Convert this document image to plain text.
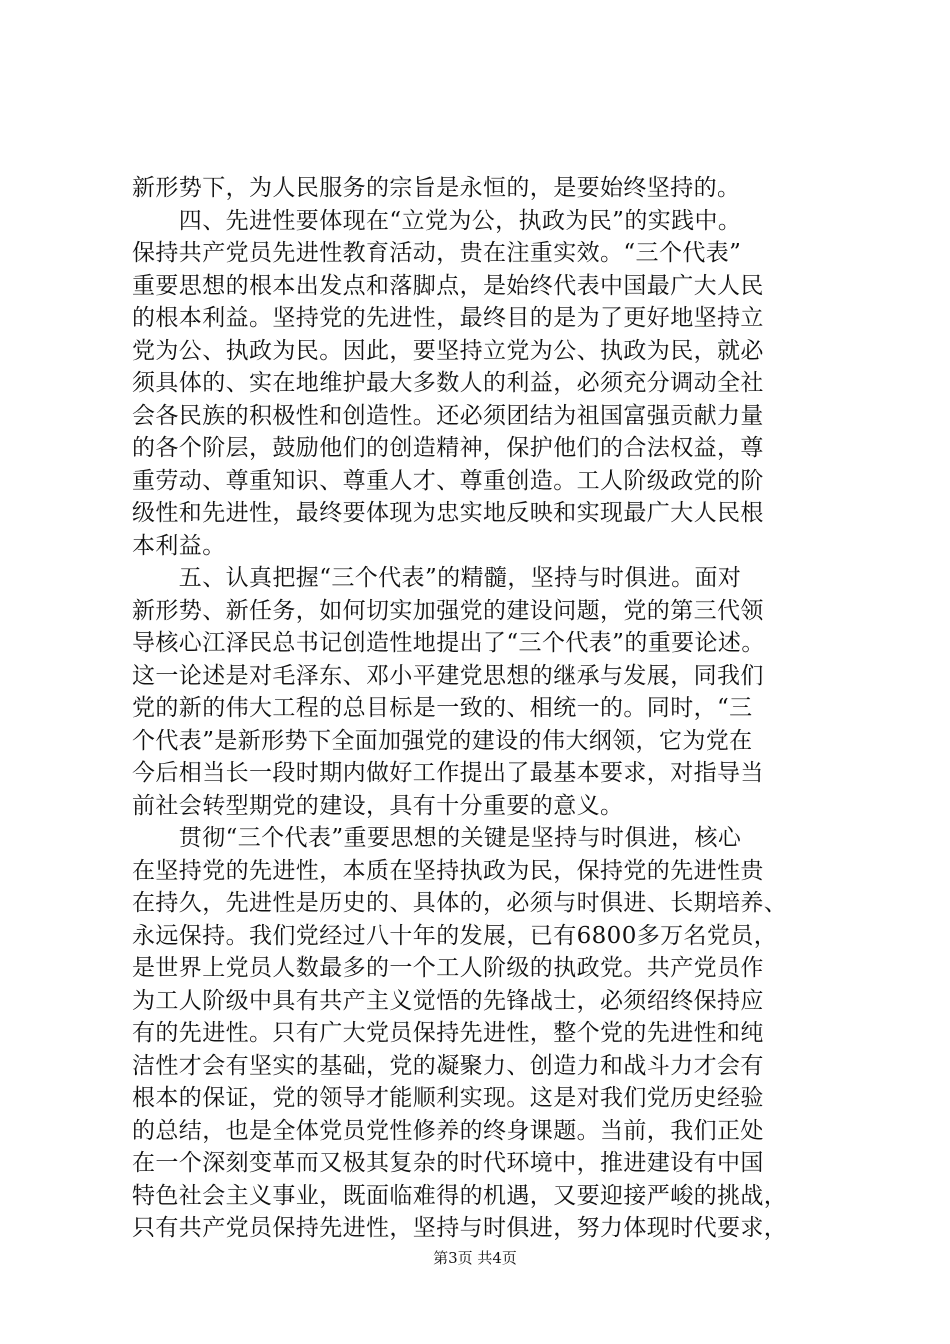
新形势下，为人民服务的宗旨是永恒的，是要始终坚持的。
　　四、先进性要体现在“立党为公，执政为民”的实践中。
保持共产党员先进性教育活动，贵在注重实效。“三个代表”
重要思想的根本出发点和落脚点，是始终代表中国最广大人民
的根本利益。坚持党的先进性，最终目的是为了更好地坚持立
党为公、执政为民。因此，要坚持立党为公、执政为民，就必
须具体的、实在地维护最大多数人的利益，必须充分调动全社
会各民族的积极性和创造性。还必须团结为祖国富强贡献力量
的各个阶层，鼓励他们的创造精神，保护他们的合法权益，尊
重劳动、尊重知识、尊重人才、尊重创造。工人阶级政党的阶
级性和先进性，最终要体现为忠实地反映和实现最广大人民根
本利益。
　　五、认真把握“三个代表”的精髓，坚持与时俱进。面对
新形势、新任务，如何切实加强党的建设问题，党的第三代领
导核心江泽民总书记创造性地提出了“三个代表”的重要论述。
这一论述是对毛泽东、邓小平建党思想的继承与发展，同我们
党的新的伟大工程的总目标是一致的、相统一的。同时，“三
个代表”是新形势下全面加强党的建设的伟大纲领，它为党在
今后相当长一段时期内做好工作提出了最基本要求，对指导当
前社会转型期党的建设，具有十分重要的意义。
　　贯彻“三个代表”重要思想的关键是坚持与时俱进，核心
在坚持党的先进性，本质在坚持执政为民，保持党的先进性贵
在持久，先进性是历史的、具体的，必须与时俱进、长期培养、
永远保持。我们党经过八十年的发展，已有6800多万名党员，
是世界上党员人数最多的一个工人阶级的执政党。共产党员作
为工人阶级中具有共产主义觉悟的先锋战士，必须绍终保持应
有的先进性。只有广大党员保持先进性，整个党的先进性和纯
洁性才会有坚实的基础，党的凝聚力、创造力和战斗力才会有
根本的保证，党的领导才能顺利实现。这是对我们党历史经验
的总结，也是全体党员党性修养的终身课题。当前，我们正处
在一个深刻变革而又极其复杂的时代环境中，推进建设有中国
特色社会主义事业，既面临难得的机遇，又要迎接严峻的挑战，
只有共产党员保持先进性，坚持与时俱进，努力体现时代要求，
第3页 共4页
